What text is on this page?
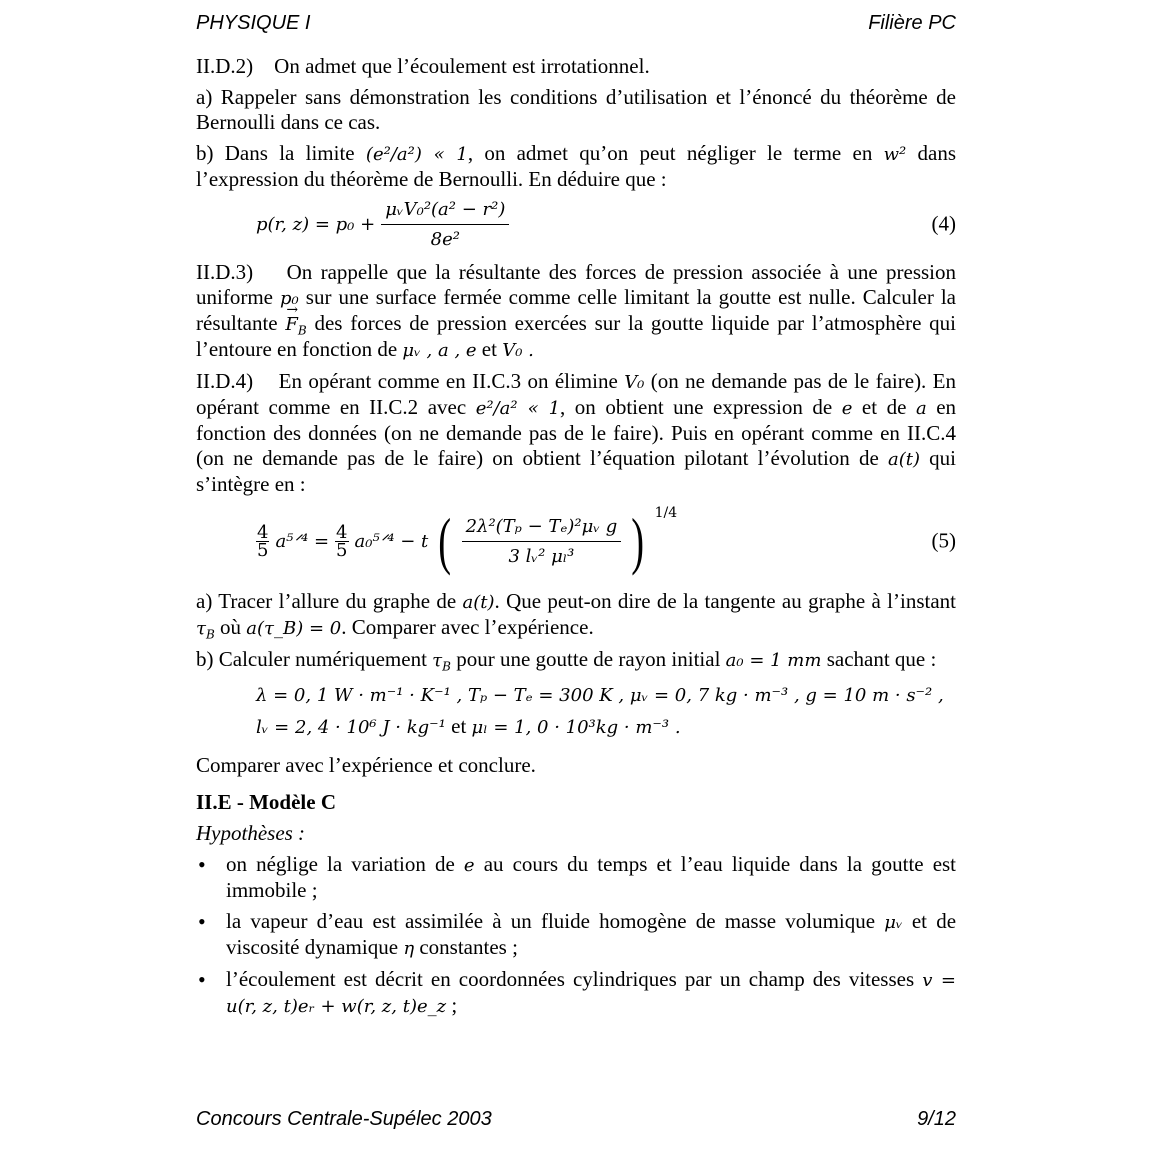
PHYSIQUE I	Filière PC

II.D.2) On admet que l’écoulement est irrotationnel.

a) Rappeler sans démonstration les conditions d’utilisation et l’énoncé du théorème de Bernoulli dans ce cas.

b) Dans la limite (e²/a²) « 1, on admet qu’on peut négliger le terme en w² dans l’expression du théorème de Bernoulli. En déduire que :

p(r, $z) = p_0 + \frac{\text{μᵥV₀²(a² − r²)}}{\text{8e²}}$	(4)

II.D.3) On rappelle que la résultante des forces de pression associée à une pression uniforme p₀ sur une surface fermée comme celle limitant la goutte est nulle. Calculer la résultante → $F_B$ des forces de pression exercées sur la goutte liquide par l’atmosphère qui l’entoure en fonction de μᵥ , a , e et V₀ .

II.D.4) En opérant comme en II.C.3 on élimine V₀ (on ne demande pas de le faire). En opérant comme en II.C.2 avec e²/a² « 1, on obtient une expression de e et de a en fonction des données (on ne demande pas de le faire). Puis en opérant comme en II.C.4 (on ne demande pas de le faire) on obtient l’équation pilotant l’évolution de a(t) qui s’intègre en :

$\frac{4}{5}$ a⁵ᐟ⁴ = $\frac{4}{5}$ a₀⁵ᐟ⁴ − t ( $\frac{\text{2λ²(Tₚ − Tₑ)²μᵥ g}}{\text{3 lᵥ² μₗ³}}$ ) 1/4
(5)

a) Tracer l’allure du graphe de a(t). Que peut-on dire de la tangente au graphe à l’instant $\tau_B$ où a(τ_B) = 0. Comparer avec l’expérience.

b) Calculer numériquement $\tau_B$ pour une goutte de rayon initial a₀ = 1 mm sachant que :

λ = 0, 1 W · m⁻¹ · K⁻¹ , Tₚ − Tₑ = 300 K , μᵥ = 0, 7 kg · m⁻³ , g = 10 m · s⁻² ,
lᵥ = 2, 4 · 10⁶ J · kg⁻¹ et μₗ = 1, 0 · 10³kg · m⁻³ .

Comparer avec l’expérience et conclure.

II.E - Modèle C

Hypothèses :

• on néglige la variation de e au cours du temps et l’eau liquide dans la goutte est immobile ;
• la vapeur d’eau est assimilée à un fluide homogène de masse volumique μᵥ et de viscosité dynamique η constantes ;
• l’écoulement est décrit en coordonnées cylindriques par un champ des vitesses v = u(r, z, t)eᵣ + w(r, z, t)e_z ;
Concours Centrale-Supélec 2003	9/12
